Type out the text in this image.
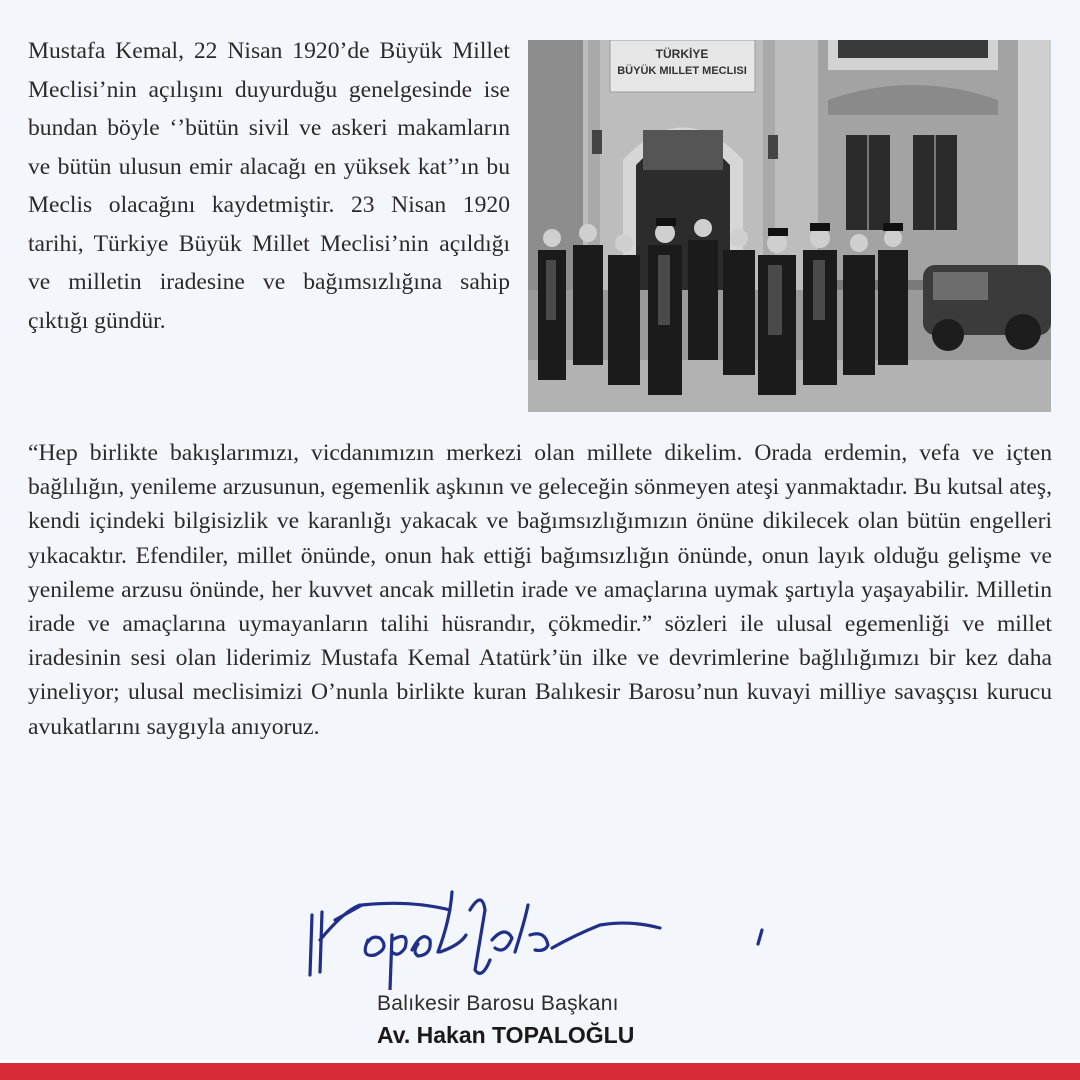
Mustafa Kemal, 22 Nisan 1920’de Büyük Millet Meclisi’nin açılışını duyurduğu genelgesinde ise bundan böyle ‘’bütün sivil ve askeri makamların ve bütün ulusun emir alacağı en yüksek kat’’ın bu Meclis olacağını kaydetmiştir. 23 Nisan 1920 tarihi, Türkiye Büyük Millet Meclisi’nin açıldığı ve milletin iradesine ve bağımsızlığına sahip çıktığı gündür.

TÜRKİYE
BÜYÜK MILLET MECLISI

“Hep birlikte bakışlarımızı, vicdanımızın merkezi olan millete dikelim. Orada erdemin, vefa ve içten bağlılığın, yenileme arzusunun, egemenlik aşkının ve geleceğin sönmeyen ateşi yanmaktadır. Bu kutsal ateş, kendi içindeki bilgisizlik ve karanlığı yakacak ve bağımsızlığımızın önüne dikilecek olan bütün engelleri yıkacaktır. Efendiler, millet önünde, onun hak ettiği bağımsızlığın önünde, onun layık olduğu gelişme ve yenileme arzusu önünde, her kuvvet ancak milletin irade ve amaçlarına uymak şartıyla yaşayabilir. Milletin irade ve amaçlarına uymayanların talihi hüsrandır, çökmedir.” sözleri ile ulusal egemenliği ve millet iradesinin sesi olan liderimiz Mustafa Kemal Atatürk’ün ilke ve devrimlerine bağlılığımızı bir kez daha yineliyor; ulusal meclisimizi O’nunla birlikte kuran Balıkesir Barosu’nun kuvayi milliye savaşçısı kurucu avukatlarını saygıyla anıyoruz.

Balıkesir Barosu Başkanı

Av. Hakan TOPALOĞLU
